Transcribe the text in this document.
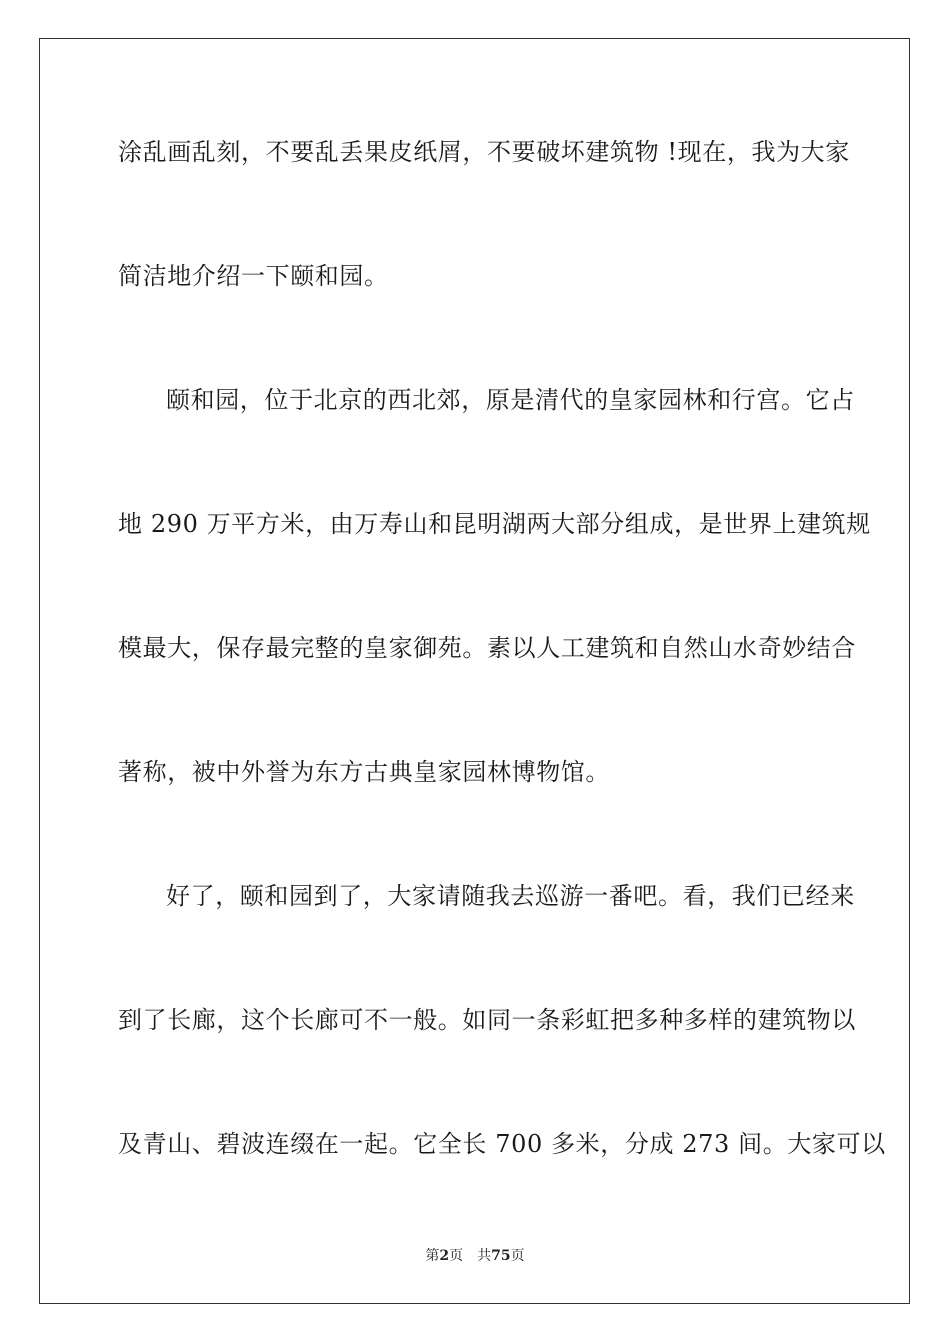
涂乱画乱刻，不要乱丢果皮纸屑，不要破坏建筑物 !现在，我为大家
简洁地介绍一下颐和园。
颐和园，位于北京的西北郊，原是清代的皇家园林和行宫。它占
地 290 万平方米，由万寿山和昆明湖两大部分组成，是世界上建筑规
模最大，保存最完整的皇家御苑。素以人工建筑和自然山水奇妙结合
著称，被中外誉为东方古典皇家园林博物馆。
好了，颐和园到了，大家请随我去巡游一番吧。看，我们已经来
到了长廊，这个长廊可不一般。如同一条彩虹把多种多样的建筑物以
及青山、碧波连缀在一起。它全长 700 多米，分成 273 间。大家可以
第2页 共75页
